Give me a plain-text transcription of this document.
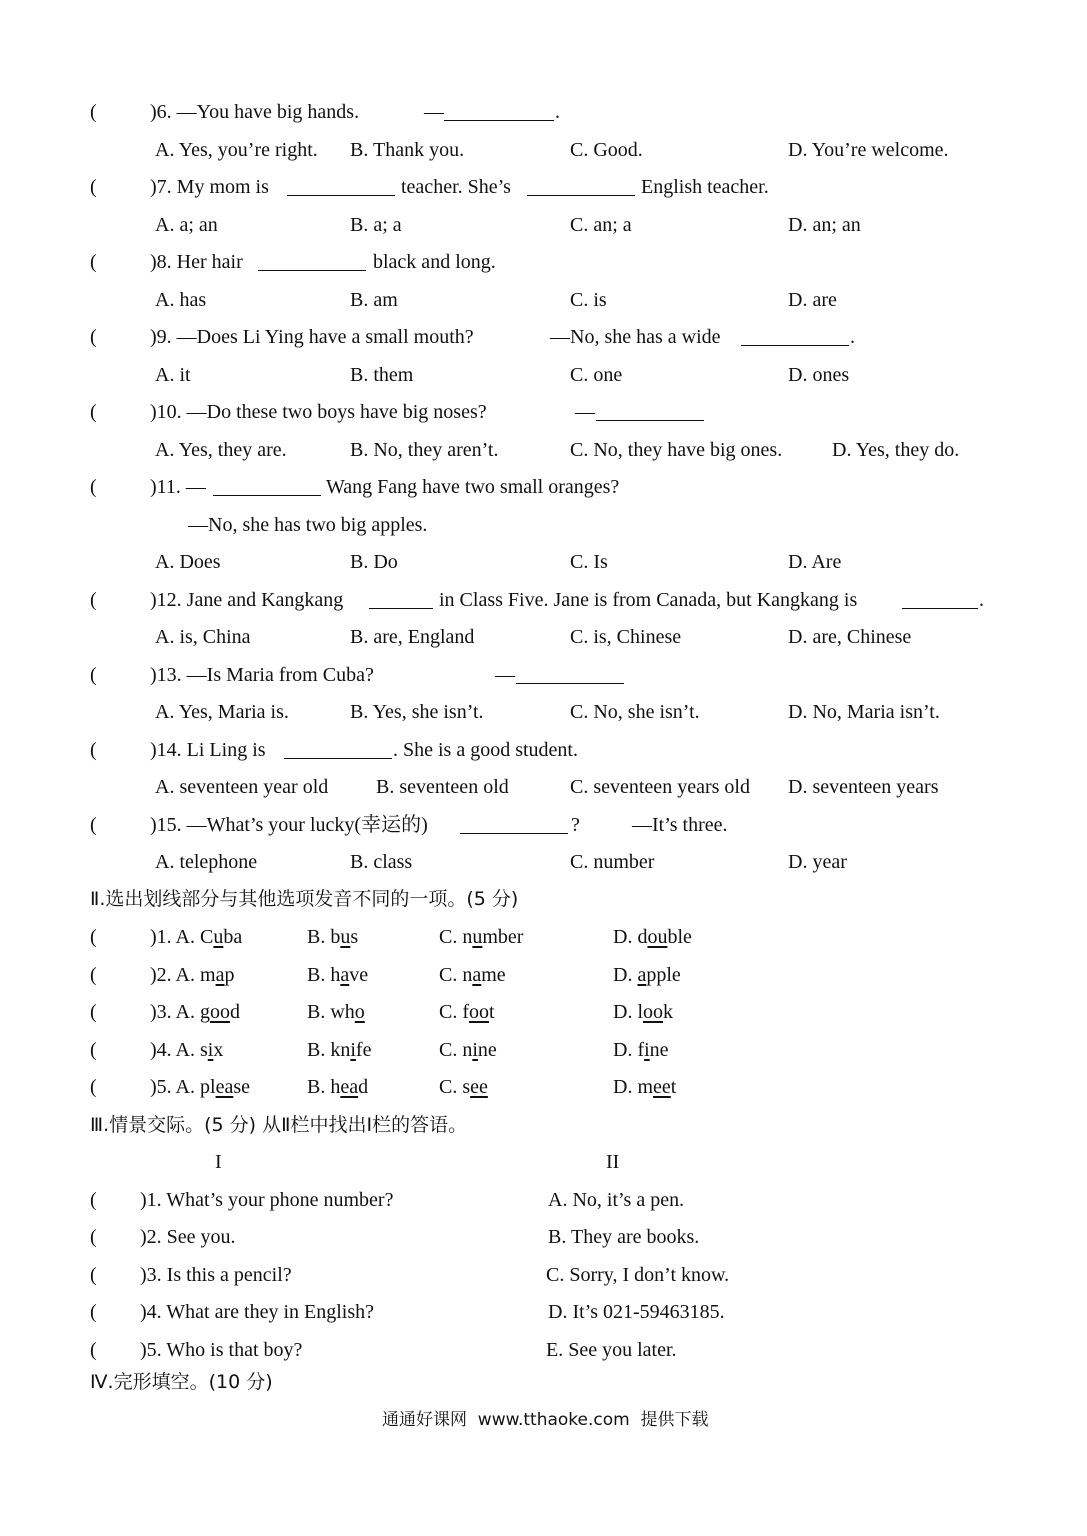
(	)6. —You have big hands.	—	.
A. Yes, you’re right. B. Thank you.	C. Good.	D. You’re welcome.
(	)7. My mom is	teacher. She’s	English teacher.
A. a; an	B. a; a	C. an; a	D. an; an
(	)8. Her hair	black and long.
A. has	B. am	C. is	D. are
(	)9. —Does Li Ying have a small mouth?	—No, she has a wide	.
A. it	B. them	C. one	D. ones
(	)10. —Do these two boys have big noses?	—
A. Yes, they are.	B. No, they aren’t.	C. No, they have big ones. D. Yes, they do.
(	)11. —	Wang Fang have two small oranges?
—No, she has two big apples.
A. Does	B. Do	C. Is	D. Are
(	)12. Jane and Kangkang	in Class Five. Jane is from Canada, but Kangkang is	.
A. is, China	B. are, England	C. is, Chinese	D. are, Chinese
(	)13. —Is Maria from Cuba?	—
A. Yes, Maria is.	B. Yes, she isn’t.	C. No, she isn’t.	D. No, Maria isn’t.
(	)14. Li Ling is	. She is a good student.
A. seventeen year old B. seventeen old	C. seventeen years old D. seventeen years
(	)15. —What’s your lucky(幸运的)	?	—It’s three.
A. telephone	B. class	C. number	D. year
Ⅱ.选出划线部分与其他选项发音不同的一项。(5 分)
(	)1. A. Cuba	B. bus	C. number	D. double
(	)2. A. map	B. have	C. name	D. apple
(	)3. A. good	B. who	C. foot	D. look
(	)4. A. six	B. knife	C. nine	D. fine
(	)5. A. please	B. head	C. see	D. meet
Ⅲ.情景交际。(5 分) 从Ⅱ栏中找出Ⅰ栏的答语。
I	II
( )1. What’s your phone number?	A. No, it’s a pen.
( )2. See you.	B. They are books.
( )3. Is this a pencil?	C. Sorry, I don’t know.
( )4. What are they in English?	D. It’s 021-59463185.
( )5. Who is that boy?	E. See you later.
Ⅳ.完形填空。(10 分)
通通好课网  www.tthaoke.com  提供下载
